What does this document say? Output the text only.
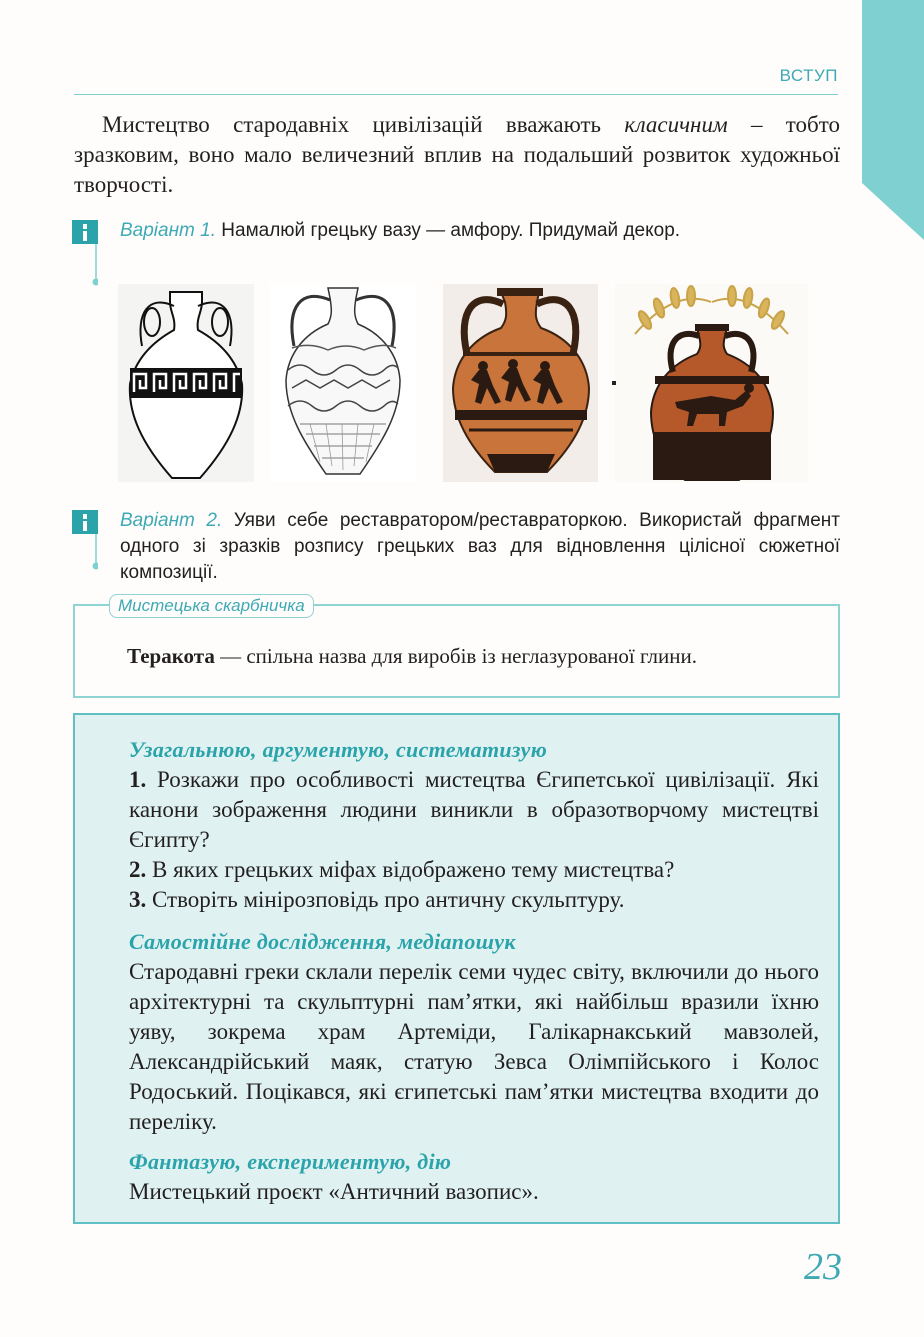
ВСТУП

Мистецтво стародавніх цивілізацій вважають класичним – тобто зразковим, воно мало величезний вплив на подальший розвиток художньої творчості.

Варіант 1. Намалюй грецьку вазу — амфору. Придумай декор.
Варіант 2. Уяви себе реставратором/реставраторкою. Використай фрагмент одного зі зразків розпису грецьких ваз для відновлення цілісної сюжетної композиції.
Мистецька скарбничка
Теракота — спільна назва для виробів із неглазурованої глини.
Узагальнюю, аргументую, систематизую

1. Розкажи про особливості мистецтва Єгипетської цивілізації. Які канони зображення людини виникли в образотворчому мистецтві Єгипту?

2. В яких грецьких міфах відображено тему мистецтва?

3. Створіть мінірозповідь про античну скульптуру.

Самостійне дослідження, медіапошук

Стародавні греки склали перелік семи чудес світу, включили до нього архітектурні та скульптурні пам’ятки, які найбільш вразили їхню уяву, зокрема храм Артеміди, Галікарнакський мавзолей, Александрійський маяк, статую Зевса Олімпійського і Колос Родоський. Поцікався, які єгипетські пам’ятки мистецтва входити до переліку.

Фантазую, експериментую, дію

Мистецький проєкт «Античний вазопис».

23
